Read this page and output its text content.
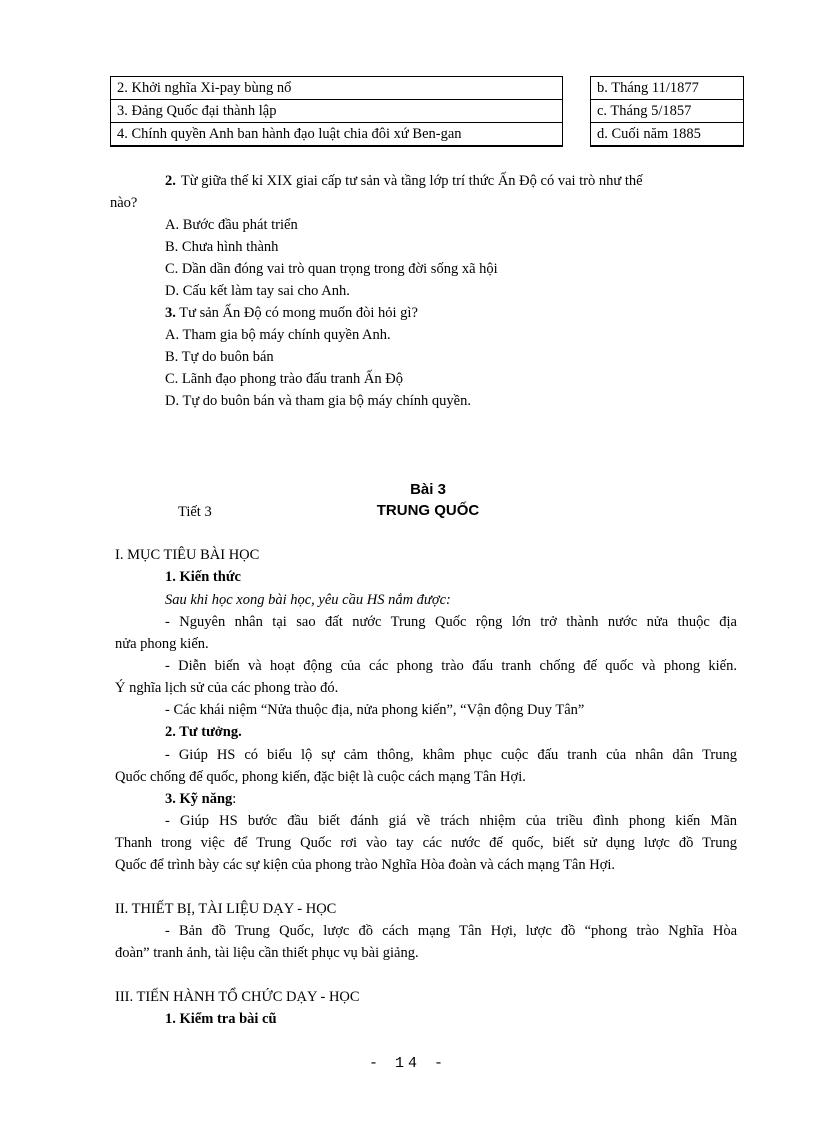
2. Khởi nghĩa Xi-pay bùng nổ
3. Đảng Quốc đại thành lập
4. Chính quyền Anh ban hành đạo luật chia đôi xứ Ben-gan
b. Tháng 11/1877
c. Tháng 5/1857
d. Cuối năm 1885
2. Từ giữa thế kỉ XIX giai cấp tư sản và tầng lớp trí thức Ấn Độ có vai trò như thế
nào?
A. Bước đầu phát triển
B. Chưa hình thành
C. Dần dần đóng vai trò quan trọng trong đời sống xã hội
D. Cấu kết làm tay sai cho Anh.
3. Tư sản Ấn Độ có mong muốn đòi hỏi gì?
A. Tham gia bộ máy chính quyền Anh.
B. Tự do buôn bán
C. Lãnh đạo phong trào đấu tranh Ấn Độ
D. Tự do buôn bán và tham gia bộ máy chính quyền.
Bài 3
Tiết 3	TRUNG QUỐC
I. MỤC TIÊU BÀI HỌC
1. Kiến thức
Sau khi học xong bài học, yêu cầu HS nắm được:
- Nguyên nhân tại sao đất nước Trung Quốc rộng lớn trở thành nước nửa thuộc địa
nửa phong kiến.
- Diễn biến và hoạt động của các phong trào đấu tranh chống đế quốc và phong kiến.
Ý nghĩa lịch sử của các phong trào đó.
- Các khái niệm “Nửa thuộc địa, nửa phong kiến”, “Vận động Duy Tân”
2. Tư tưởng.
- Giúp HS có biểu lộ sự cảm thông, khâm phục cuộc đấu tranh của nhân dân Trung
Quốc chống đế quốc, phong kiến, đặc biệt là cuộc cách mạng Tân Hợi.
3. Kỹ năng:
- Giúp HS bước đầu biết đánh giá về trách nhiệm của triều đình phong kiến Mãn
Thanh trong việc để Trung Quốc rơi vào tay các nước đế quốc, biết sử dụng lược đồ Trung
Quốc để trình bày các sự kiện của phong trào Nghĩa Hòa đoàn và cách mạng Tân Hợi.
II. THIẾT BỊ, TÀI LIỆU DẠY - HỌC
- Bản đồ Trung Quốc, lược đồ cách mạng Tân Hợi, lược đồ “phong trào Nghĩa Hòa
đoàn” tranh ảnh, tài liệu cần thiết phục vụ bài giảng.
III. TIẾN HÀNH TỔ CHỨC DẠY - HỌC
1. Kiểm tra bài cũ
- 14 -
